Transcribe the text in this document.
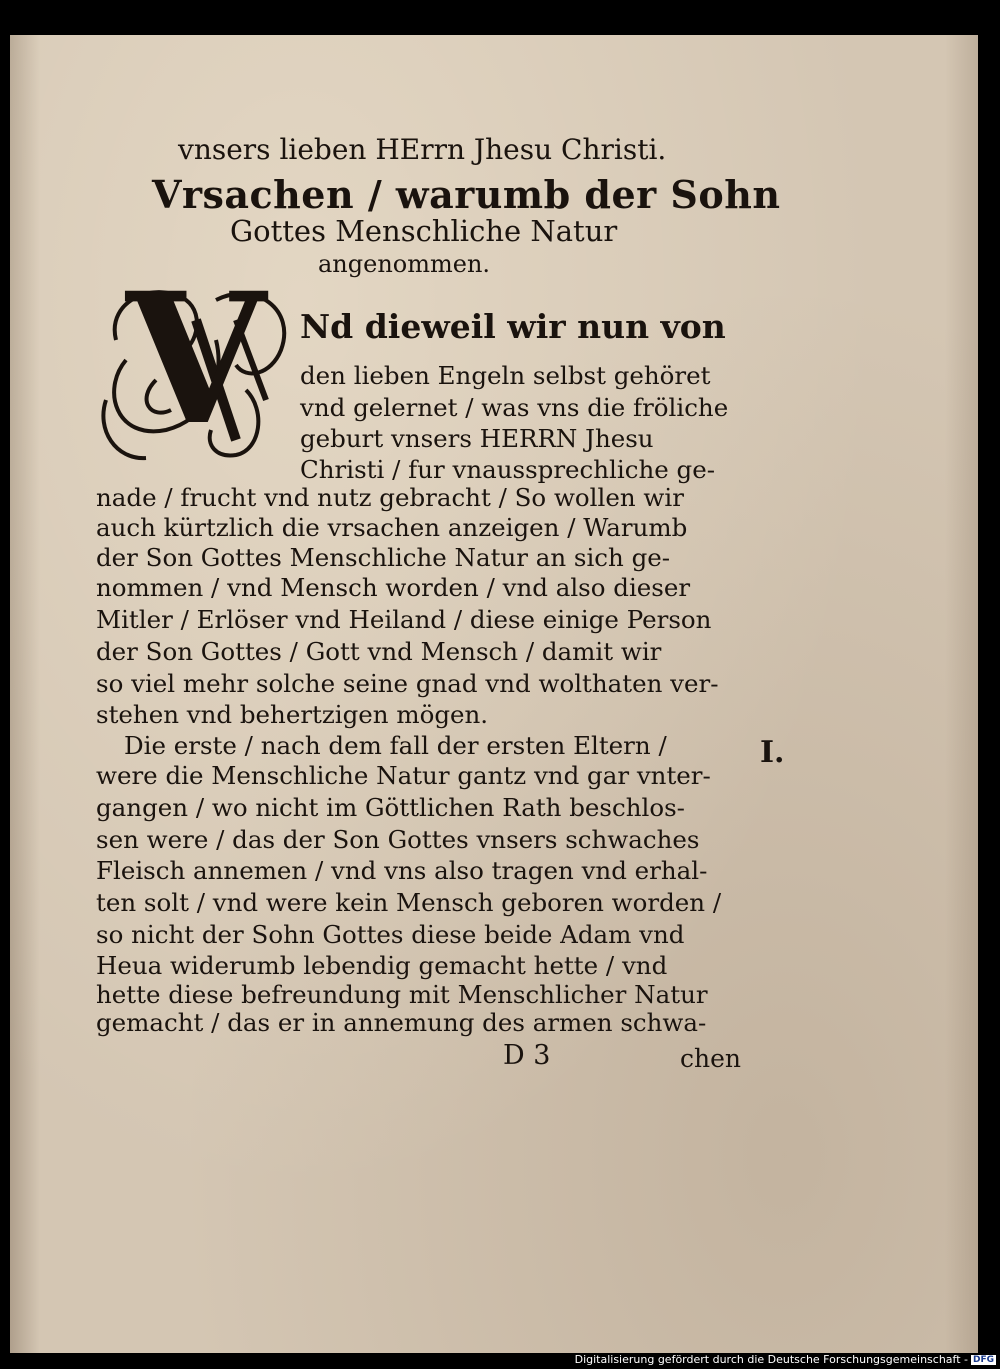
vnsers lieben HErrn Jhesu Christi.
Vrsachen / warumb der Sohn
Gottes Menschliche Natur
angenommen.
V Nd dieweil wir nun von
den lieben Engeln selbst gehöret
vnd gelernet / was vns die fröliche
geburt vnsers HERRN Jhesu
Christi / fur vnaussprechliche ge-
nade / frucht vnd nutz gebracht / So wollen wir
auch kürtzlich die vrsachen anzeigen / Warumb
der Son Gottes Menschliche Natur an sich ge-
nommen / vnd Mensch worden / vnd also dieser
Mitler / Erlöser vnd Heiland / diese einige Person
der Son Gottes / Gott vnd Mensch / damit wir
so viel mehr solche seine gnad vnd wolthaten ver-
stehen vnd behertzigen mögen.
Die erste / nach dem fall der ersten Eltern /
were die Menschliche Natur gantz vnd gar vnter-
gangen / wo nicht im Göttlichen Rath beschlos-
sen were / das der Son Gottes vnsers schwaches
Fleisch annemen / vnd vns also tragen vnd erhal-
ten solt / vnd were kein Mensch geboren worden /
so nicht der Sohn Gottes diese beide Adam vnd
Heua widerumb lebendig gemacht hette / vnd
hette diese befreundung mit Menschlicher Natur
gemacht / das er in annemung des armen schwa-
I.
D 3	chen
Digitalisierung gefördert durch die Deutsche Forschungsgemeinschaft - DFG
